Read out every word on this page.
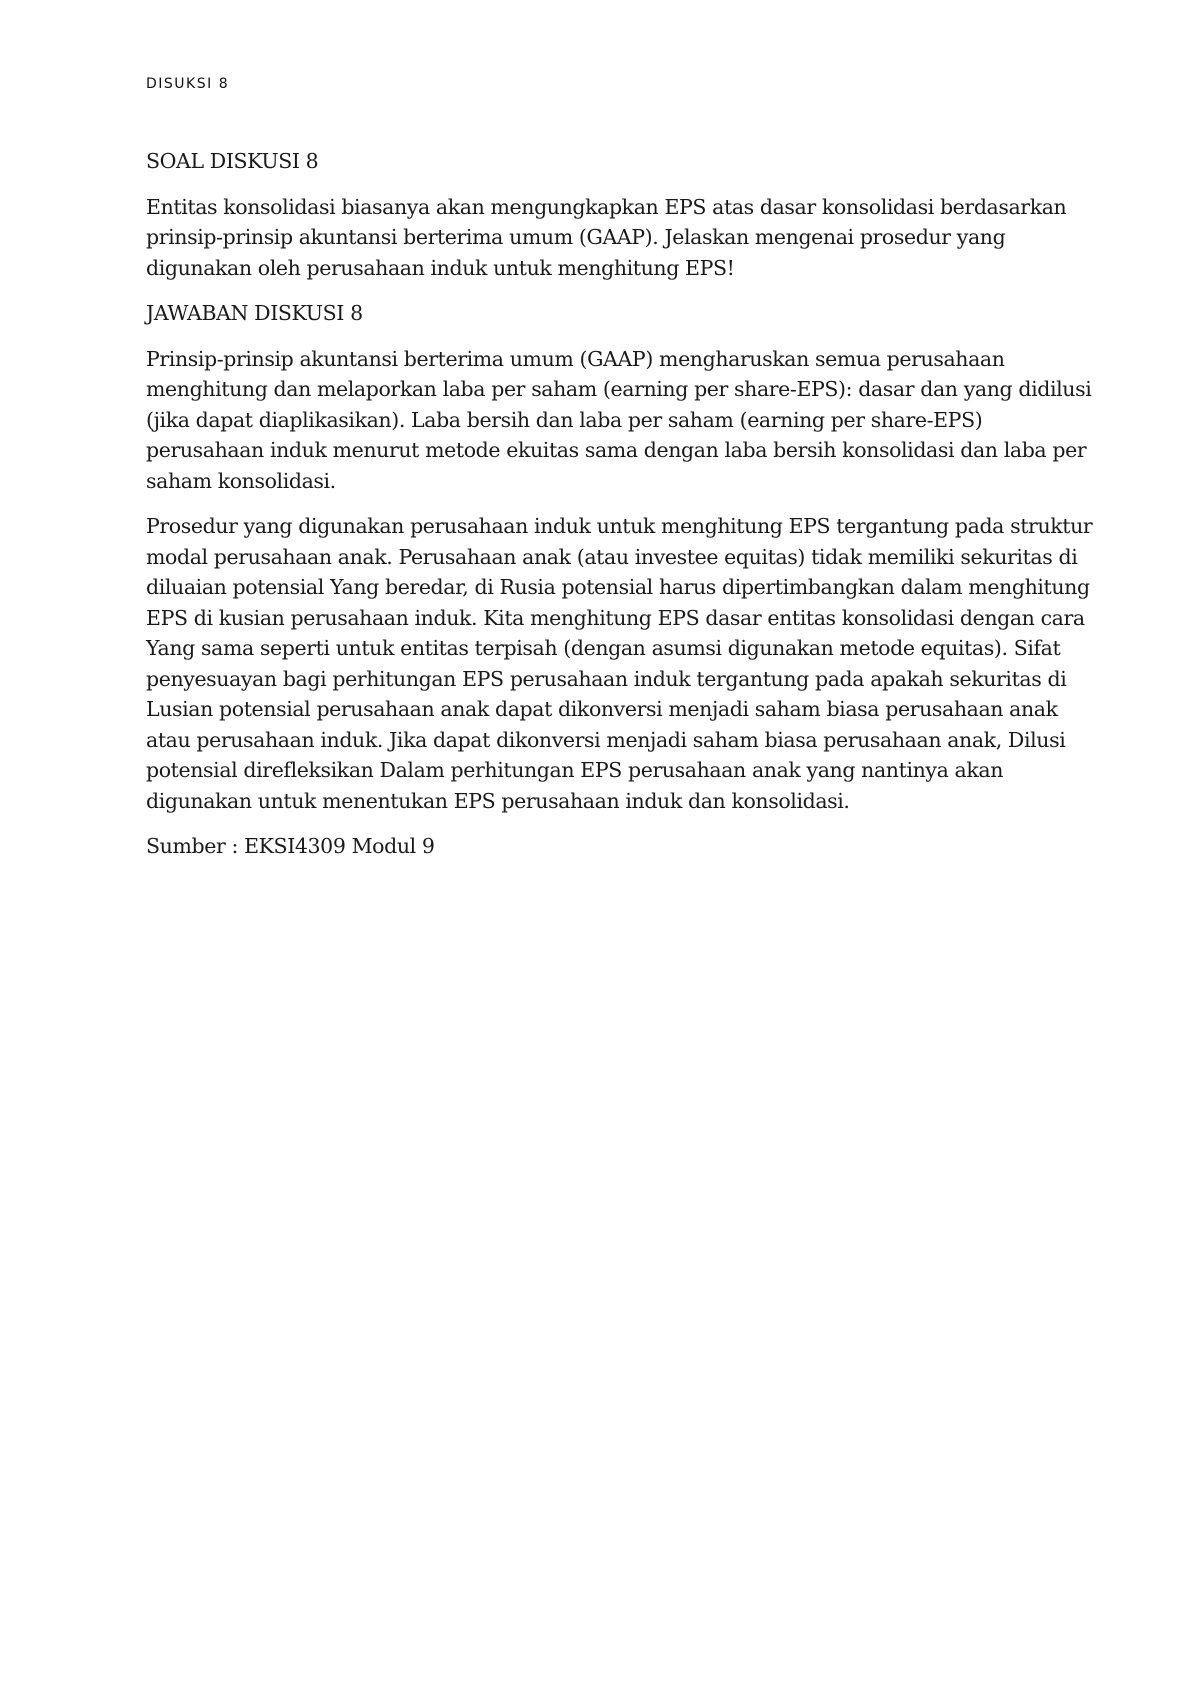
DISUKSI 8

SOAL DISKUSI 8

Entitas konsolidasi biasanya akan mengungkapkan EPS atas dasar konsolidasi berdasarkan
prinsip-prinsip akuntansi berterima umum (GAAP). Jelaskan mengenai prosedur yang
digunakan oleh perusahaan induk untuk menghitung EPS!

JAWABAN DISKUSI 8

Prinsip-prinsip akuntansi berterima umum (GAAP) mengharuskan semua perusahaan
menghitung dan melaporkan laba per saham (earning per share-EPS): dasar dan yang didilusi
(jika dapat diaplikasikan). Laba bersih dan laba per saham (earning per share-EPS)
perusahaan induk menurut metode ekuitas sama dengan laba bersih konsolidasi dan laba per
saham konsolidasi.

Prosedur yang digunakan perusahaan induk untuk menghitung EPS tergantung pada struktur
modal perusahaan anak. Perusahaan anak (atau investee equitas) tidak memiliki sekuritas di
diluaian potensial Yang beredar, di Rusia potensial harus dipertimbangkan dalam menghitung
EPS di kusian perusahaan induk. Kita menghitung EPS dasar entitas konsolidasi dengan cara
Yang sama seperti untuk entitas terpisah (dengan asumsi digunakan metode equitas). Sifat
penyesuayan bagi perhitungan EPS perusahaan induk tergantung pada apakah sekuritas di
Lusian potensial perusahaan anak dapat dikonversi menjadi saham biasa perusahaan anak
atau perusahaan induk. Jika dapat dikonversi menjadi saham biasa perusahaan anak, Dilusi
potensial direfleksikan Dalam perhitungan EPS perusahaan anak yang nantinya akan
digunakan untuk menentukan EPS perusahaan induk dan konsolidasi.

Sumber : EKSI4309 Modul 9
